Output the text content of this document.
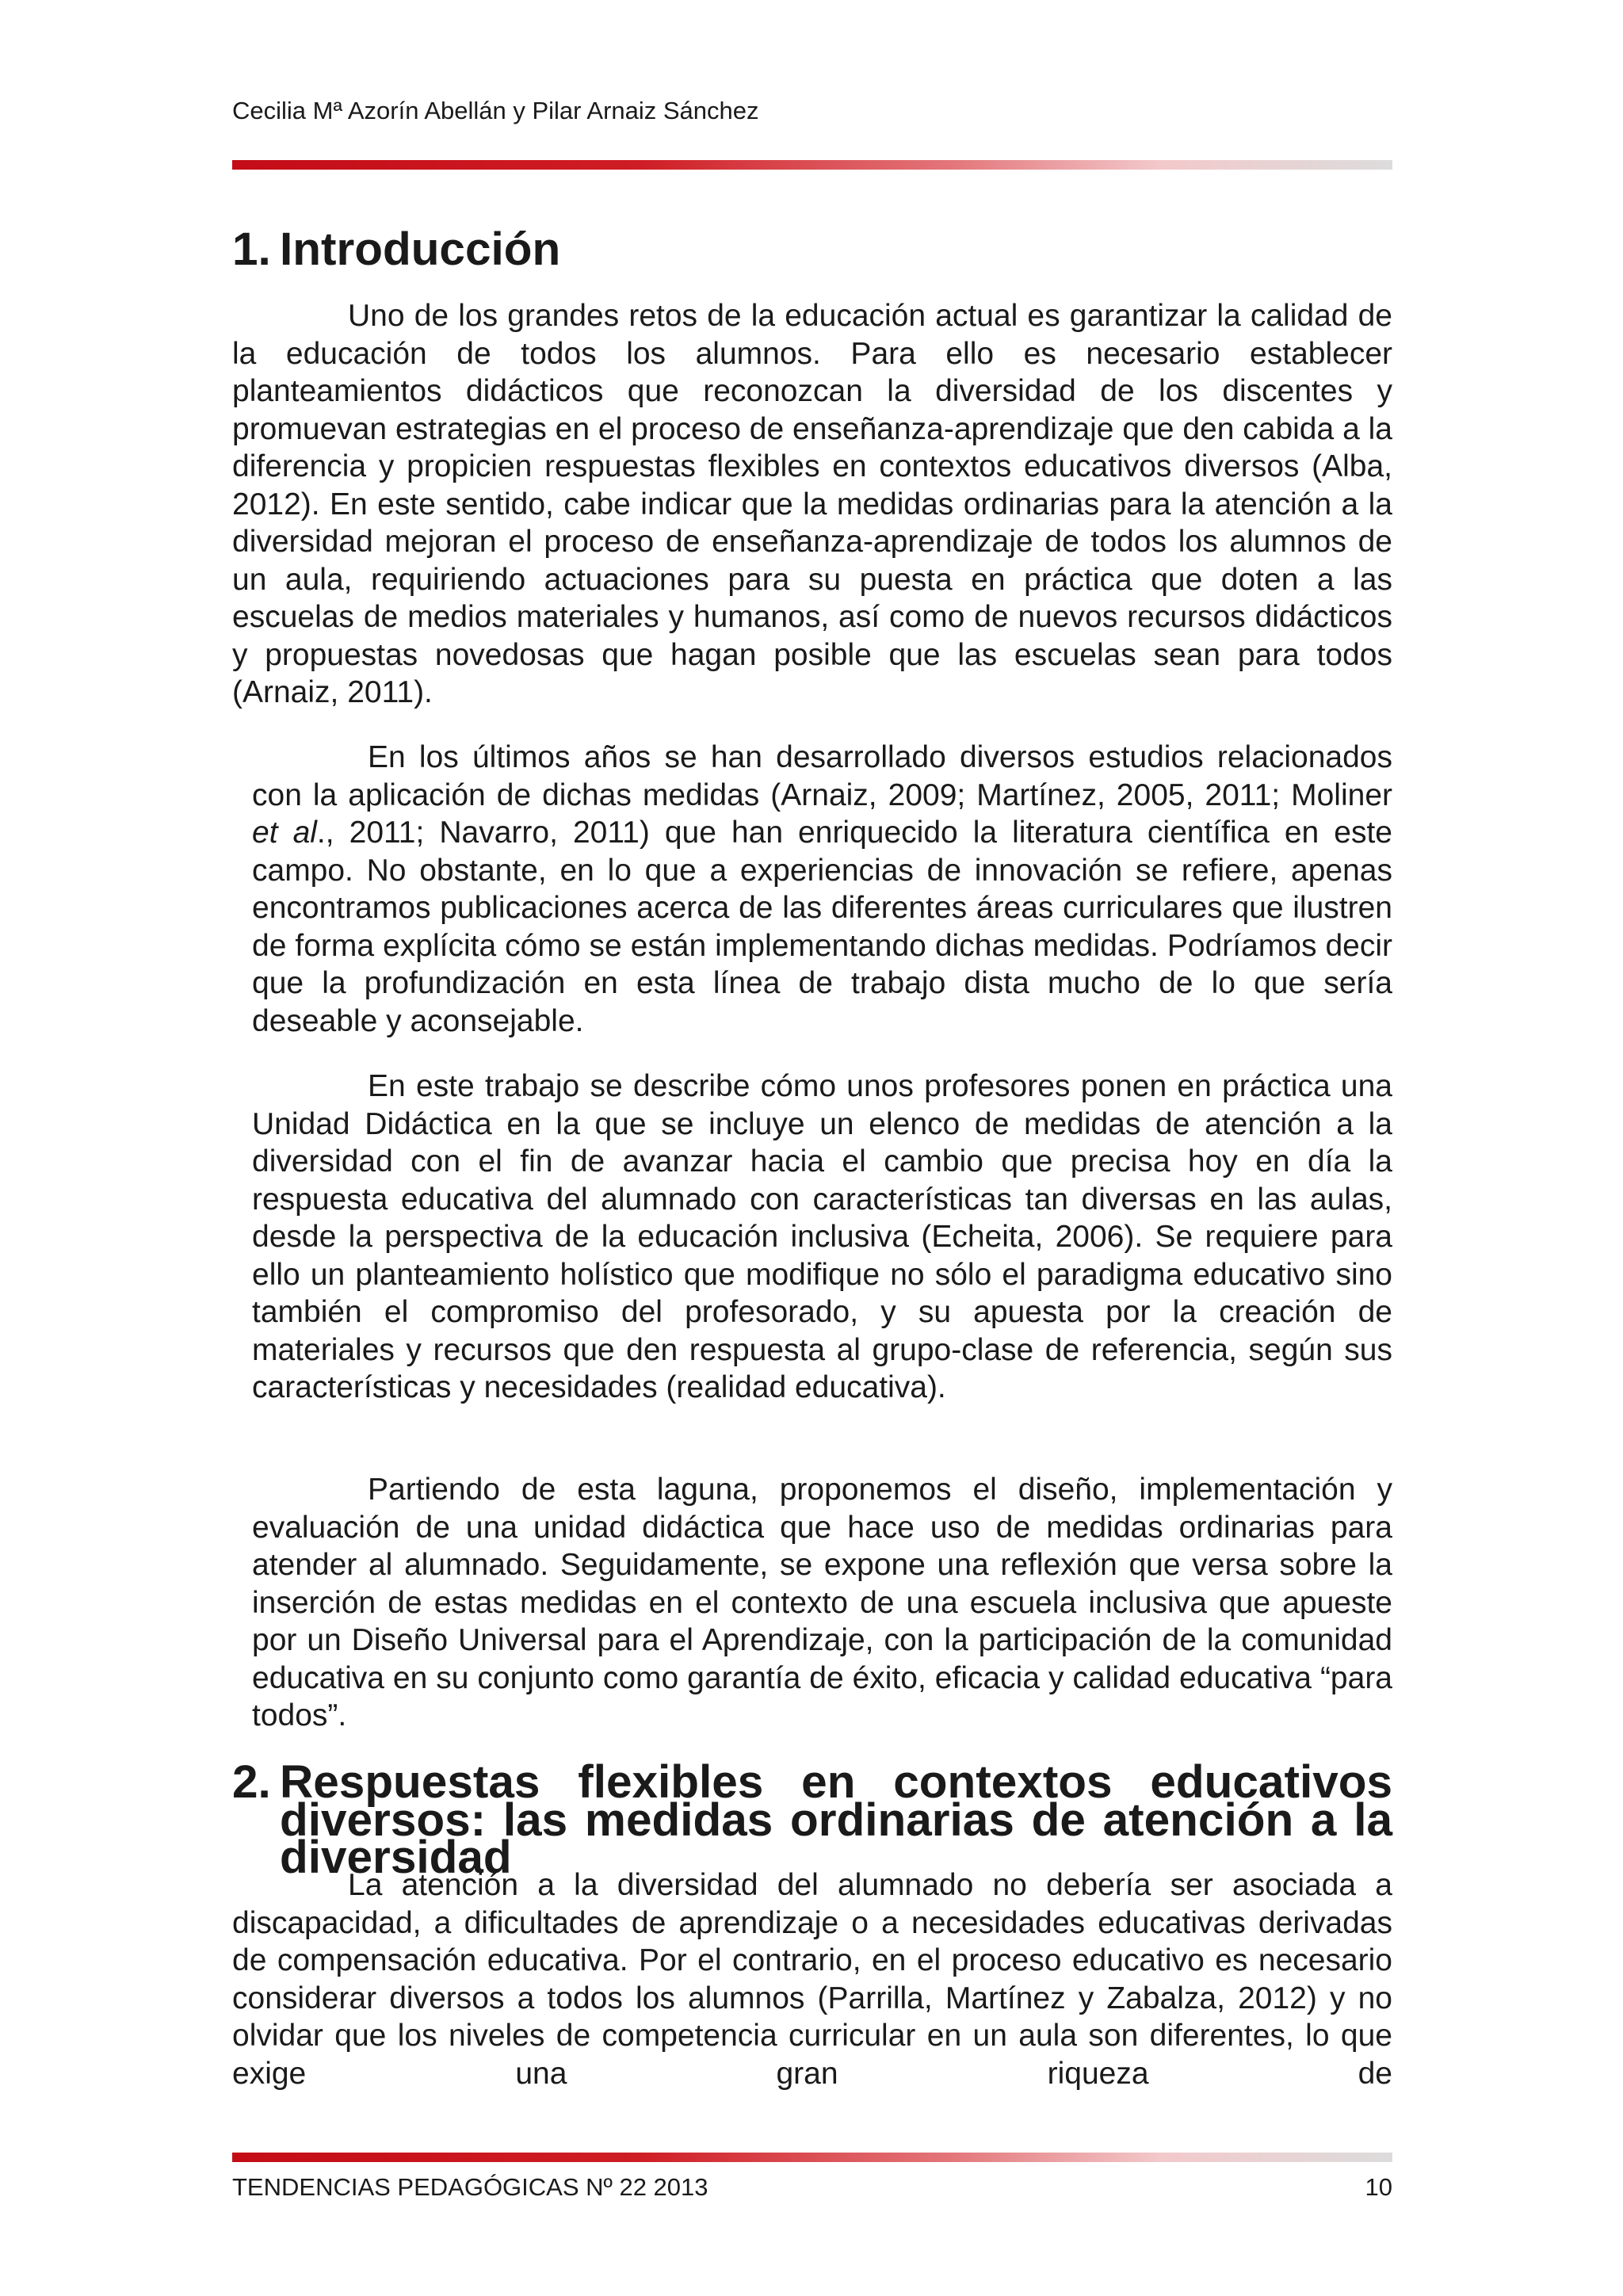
Cecilia Mª Azorín Abellán y Pilar Arnaiz Sánchez
1. Introducción

Uno de los grandes retos de la educación actual es garantizar la calidad de la educación de todos los alumnos. Para ello es necesario establecer planteamientos didácticos que reconozcan la diversidad de los discentes y promuevan estrategias en el proceso de enseñanza-aprendizaje que den cabida a la diferencia y propicien respuestas flexibles en contextos educativos diversos (Alba, 2012). En este sentido, cabe indicar que la medidas ordinarias para la atención a la diversidad mejoran el proceso de enseñanza-aprendizaje de todos los alumnos de un aula, requiriendo actuaciones para su puesta en práctica que doten a las escuelas de medios materiales y humanos, así como de nuevos recursos didácticos y propuestas novedosas que hagan posible que las escuelas sean para todos (Arnaiz, 2011).

En los últimos años se han desarrollado diversos estudios relacionados con la aplicación de dichas medidas (Arnaiz, 2009; Martínez, 2005, 2011; Moliner et al., 2011; Navarro, 2011) que han enriquecido la literatura científica en este campo. No obstante, en lo que a experiencias de innovación se refiere, apenas encontramos publicaciones acerca de las diferentes áreas curriculares que ilustren de forma explícita cómo se están implementando dichas medidas. Podríamos decir que la profundización en esta línea de trabajo dista mucho de lo que sería deseable y aconsejable.

En este trabajo se describe cómo unos profesores ponen en práctica una Unidad Didáctica en la que se incluye un elenco de medidas de atención a la diversidad con el fin de avanzar hacia el cambio que precisa hoy en día la respuesta educativa del alumnado con características tan diversas en las aulas, desde la perspectiva de la educación inclusiva (Echeita, 2006). Se requiere para ello un planteamiento holístico que modifique no sólo el paradigma educativo sino también el compromiso del profesorado, y su apuesta por la creación de materiales y recursos que den respuesta al grupo-clase de referencia, según sus características y necesidades (realidad educativa).

Partiendo de esta laguna, proponemos el diseño, implementación y evaluación de una unidad didáctica que hace uso de medidas ordinarias para atender al alumnado. Seguidamente, se expone una reflexión que versa sobre la inserción de estas medidas en el contexto de una escuela inclusiva que apueste por un Diseño Universal para el Aprendizaje, con la participación de la comunidad educativa en su conjunto como garantía de éxito, eficacia y calidad educativa “para todos”.

2. Respuestas flexibles en contextos educativos diversos: las medidas ordinarias de atención a la diversidad

La atención a la diversidad del alumnado no debería ser asociada a discapacidad, a dificultades de aprendizaje o a necesidades educativas derivadas de compensación educativa. Por el contrario, en el proceso educativo es necesario considerar diversos a todos los alumnos (Parrilla, Martínez y Zabalza, 2012) y no olvidar que los niveles de competencia curricular en un aula son diferentes, lo que exige una gran riqueza de

TENDENCIAS PEDAGÓGICAS Nº 22 2013	10
